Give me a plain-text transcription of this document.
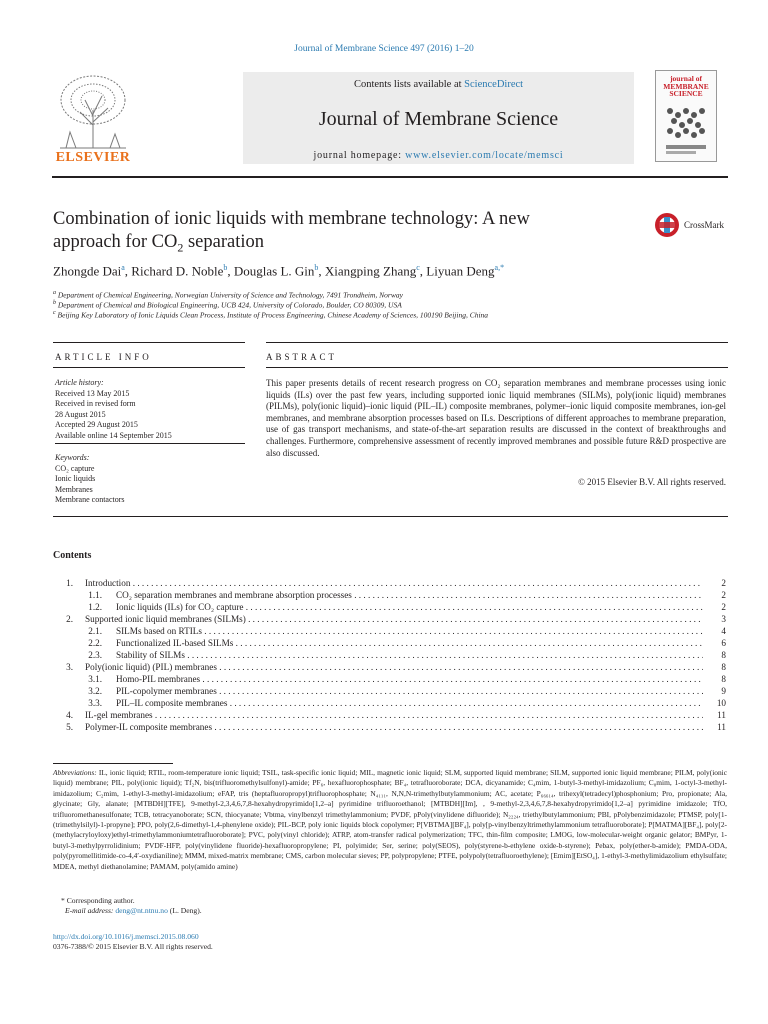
Journal of Membrane Science 497 (2016) 1–20
ELSEVIER
Contents lists available at ScienceDirect
Journal of Membrane Science
journal homepage: www.elsevier.com/locate/memsci
journal of MEMBRANE SCIENCE
Combination of ionic liquids with membrane technology: A new
approach for $CO_2$ separation
CrossMark
Zhongde Dai$^a$, Richard D. Noble$^b$, Douglas L. Gin$^b$, Xiangping Zhang$^c$, Liyuan Deng$^{a,*}$
$^a$ Department of Chemical Engineering, Norwegian University of Science and Technology, 7491 Trondheim, Norway
$^b$ Department of Chemical and Biological Engineering, UCB 424, University of Colorado, Boulder, CO 80309, USA
$^c$ Beijing Key Laboratory of Ionic Liquids Clean Process, Institute of Process Engineering, Chinese Academy of Sciences, 100190 Beijing, China
ARTICLE INFO	ABSTRACT
Article history:
Received 13 May 2015
Received in revised form
28 August 2015
Accepted 29 August 2015
Available online 14 September 2015
Keywords:
CO₂ capture
Ionic liquids
Membranes
Membrane contactors
This paper presents details of recent research progress on CO₂ separation membranes and membrane processes using ionic liquids (ILs) over the past few years, including supported ionic liquid membranes (SILMs), poly(ionic liquid) membranes (PILMs), poly(ionic liquid)–ionic liquid (PIL–IL) composite membranes, polymer–ionic liquid composite membranes, ion-gel membranes, and membrane absorption processes based on ILs. Descriptions of different approaches to membrane preparation, use of gas transport mechanisms, and state-of-the-art separation results are discussed in the context of breakthroughs and challenges. Furthermore, comprehensive assessment of recently improved membranes and possible future R&D prospective are also discussed.
© 2015 Elsevier B.V. All rights reserved.
Contents
1. Introduction . . .	2
1.1. CO₂ separation membranes and membrane absorption processes . . .	2
1.2. Ionic liquids (ILs) for CO₂ capture . . .	2
2. Supported ionic liquid membranes (SILMs) . . .	3
2.1. SILMs based on RTILs . . .	4
2.2. Functionalized IL-based SILMs . . .	6
2.3. Stability of SILMs . . .	8
3. Poly(ionic liquid) (PIL) membranes . . .	8
3.1. Homo-PIL membranes . . .	8
3.2. PIL-copolymer membranes . . .	9
3.3. PIL–IL composite membranes . . .	10
4. IL-gel membranes . . .	11
5. Polymer-IL composite membranes . . .	11
Abbreviations: IL, ionic liquid; RTIL, room-temperature ionic liquid; TSIL, task-specific ionic liquid; MIL, magnetic ionic liquid; SLM, supported liquid membrane; SILM, supported ionic liquid membrane; PILM, poly(ionic liquid) membrane; PIL, poly(ionic liquid); Tf₂N, bis(trifluoromethylsulfonyl)-amide; PF₆, hexafluorophosphate; BF₄, tetrafluoroborate; DCA, dicyanamide; C₄mim, 1-butyl-3-methyl-imidazolium; C₈mim, 1-octyl-3-methyl-imidazolium; C₂mim, 1-ethyl-3-methyl-imidazolium; eFAP, tris (heptafluoropropyl)trifluorophosphate; N₄₁₁₁, N,N,N-trimethylbutylammonium; AC, acetate; P₆₆₆₁₄, trihexyl(tetradecyl)phosphonium; Pro, propionate; Ala, glycinate; Gly, alanate; [MTBDH][TFE], 9-methyl-2,3,4,6,7,8-hexahydropyrimido[1,2–a] pyrimidine trifluoroethanol; [MTBDH][Im], , 9-methyl-2,3,4,6,7,8-hexahydropyrimido[1,2–a] pyrimidine imidazole; TfO, trifluoromethanesulfonate; TCB, tetracyanoborate; SCN, thiocyanate; Vbtma, vinylbenzyl trimethylammonium; PVDF, pPoly(vinylidene difluoride); N₂₂₂₄, triethylbutylammonium; PBI, pPolybenzimidazole; PTMSP, poly[1-(trimethylsilyl)-1-propyne]; PPO, poly(2,6-dimethyl-1,4-phenylene oxide); PIL-BCP, poly ionic liquids block copolymer; P[VBTMA][BF₄], poly[p-vinylbenzyltrimethylammonium tetrafluoroborate]; P[MATMA][BF₄], poly[2-(methylacryloyloxy)ethyl-trimethylammoniumtetrafluoroborate]; PVC, poly(vinyl chloride); ATRP, atom-transfer radical polymerization; TFC, thin-film composite; LMOG, low-molecular-weight organic gelator; BMPyr, 1-butyl-3-methylpyrrolidinium; PVDF-HFP, poly(vinylidene fluoride)-hexafluoropropylene; PI, polyimide; Ser, serine; poly(SEOS), poly(styrene-b-ethylene oxide-b-styrene); Pebax, poly(ether-b-amide); PMDA-ODA, poly(pyromellitimide-co-4,4′-oxydianiline); MMM, mixed-matrix membrane; CMS, carbon molecular sieves; PP, polypropylene; PTFE, polypoly(tetrafluoroethylene); [Emim][EtSO₄], 1-ethyl-3-methylimidazolium ethylsulfate; MDEA, methyl diethanolamine; PAMAM, poly(amido amine)
* Corresponding author.
E-mail address: deng@nt.ntnu.no (L. Deng).
http://dx.doi.org/10.1016/j.memsci.2015.08.060
0376-7388/© 2015 Elsevier B.V. All rights reserved.
